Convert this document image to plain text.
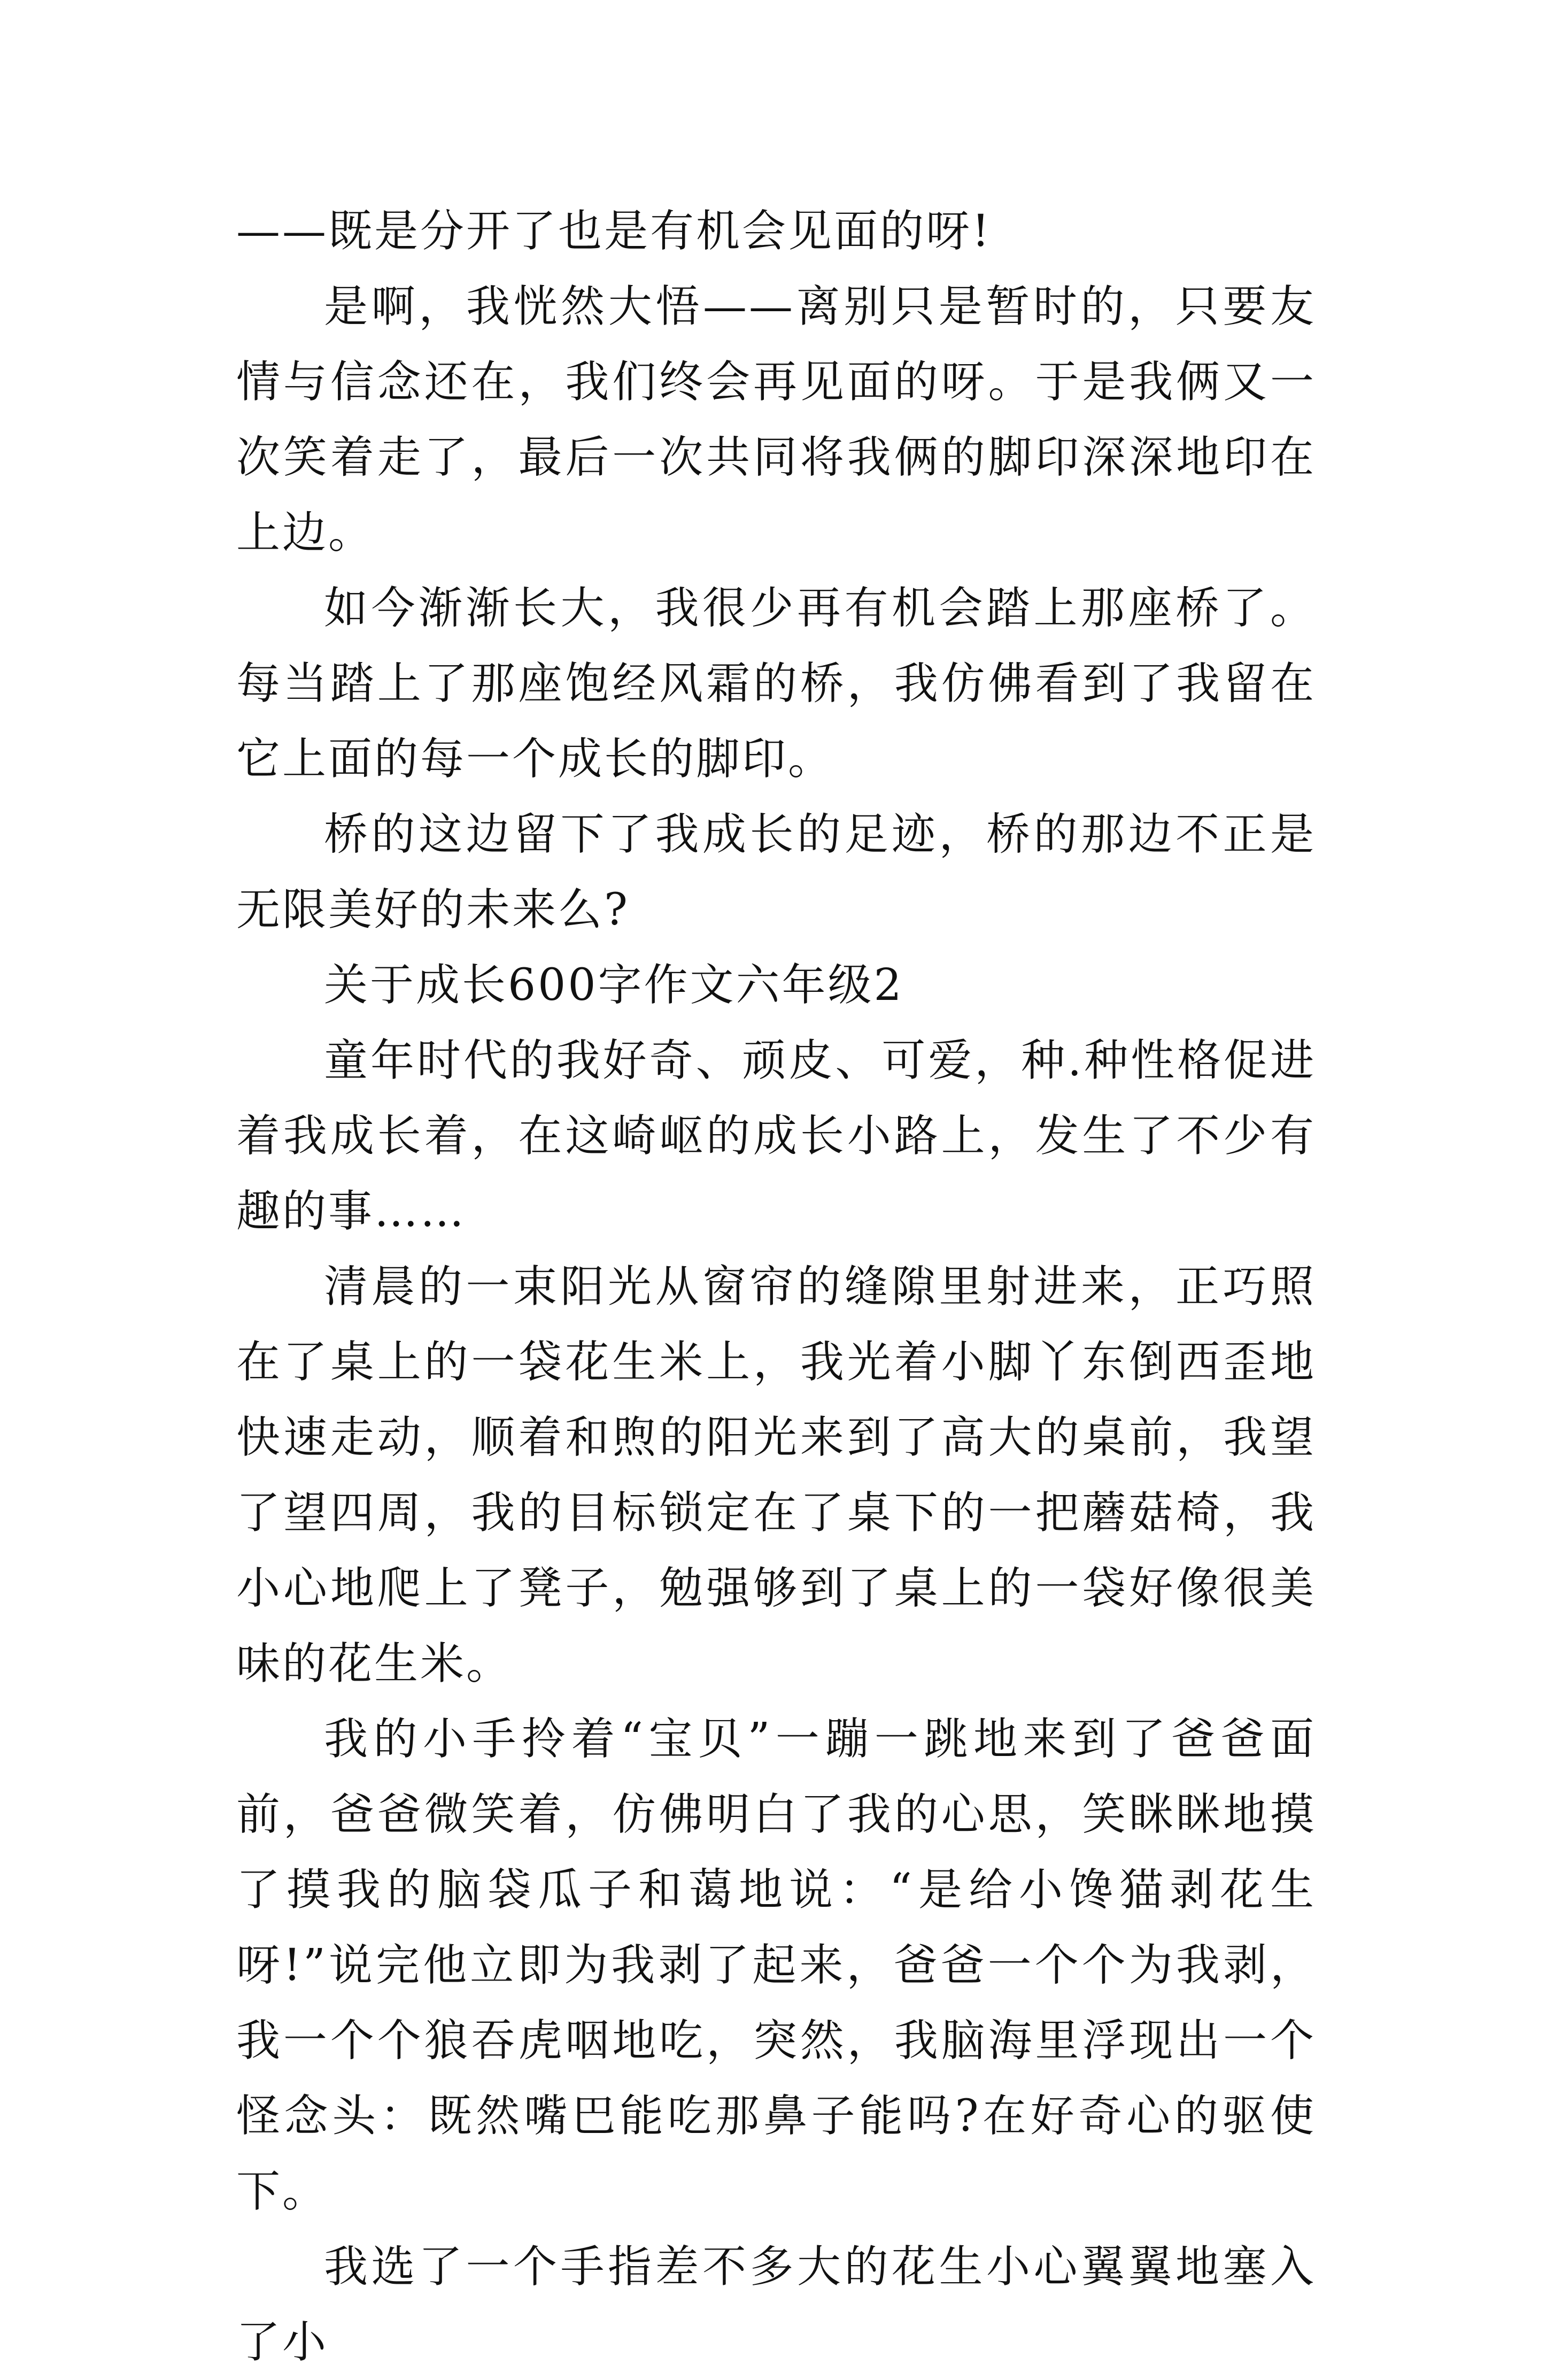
——既是分开了也是有机会见面的呀!

是啊，我恍然大悟——离别只是暂时的，只要友情与信念还在，我们终会再见面的呀。于是我俩又一次笑着走了，最后一次共同将我俩的脚印深深地印在上边。

如今渐渐长大，我很少再有机会踏上那座桥了。每当踏上了那座饱经风霜的桥，我仿佛看到了我留在它上面的每一个成长的脚印。

桥的这边留下了我成长的足迹，桥的那边不正是无限美好的未来么?

关于成长600字作文六年级2

童年时代的我好奇、顽皮、可爱，种.种性格促进着我成长着，在这崎岖的成长小路上，发生了不少有趣的事……

清晨的一束阳光从窗帘的缝隙里射进来，正巧照在了桌上的一袋花生米上，我光着小脚丫东倒西歪地快速走动，顺着和煦的阳光来到了高大的桌前，我望了望四周，我的目标锁定在了桌下的一把蘑菇椅，我小心地爬上了凳子，勉强够到了桌上的一袋好像很美味的花生米。

我的小手拎着“宝贝”一蹦一跳地来到了爸爸面前，爸爸微笑着，仿佛明白了我的心思，笑眯眯地摸了摸我的脑袋瓜子和蔼地说：“是给小馋猫剥花生呀!”说完他立即为我剥了起来，爸爸一个个为我剥，我一个个狼吞虎咽地吃，突然，我脑海里浮现出一个怪念头：既然嘴巴能吃那鼻子能吗?在好奇心的驱使下。

我选了一个手指差不多大的花生小心翼翼地塞入了小
